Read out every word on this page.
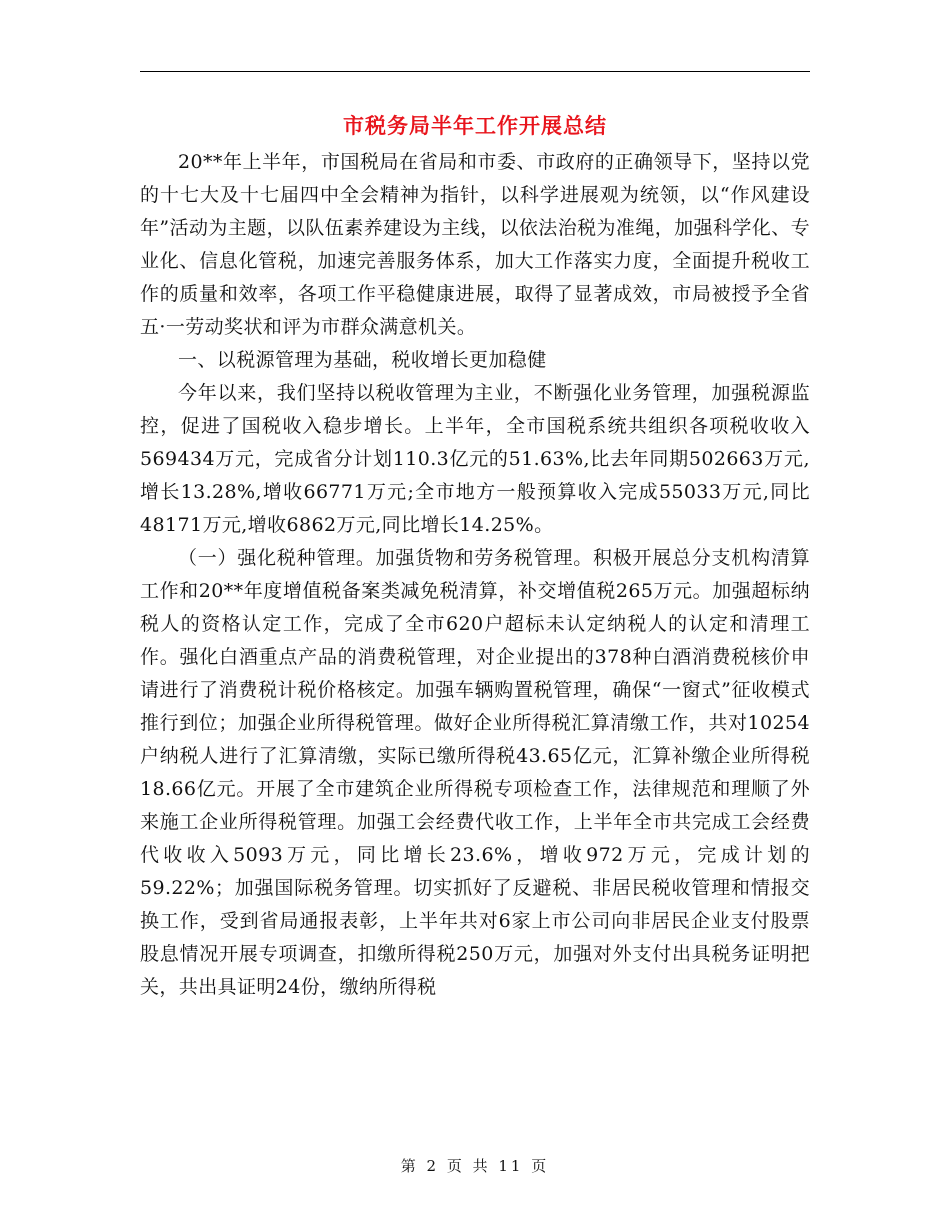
市税务局半年工作开展总结

20**年上半年，市国税局在省局和市委、市政府的正确领导下，坚持以党的十七大及十七届四中全会精神为指针，以科学进展观为统领，以“作风建设年”活动为主题，以队伍素养建设为主线，以依法治税为准绳，加强科学化、专业化、信息化管税，加速完善服务体系，加大工作落实力度，全面提升税收工作的质量和效率，各项工作平稳健康进展，取得了显著成效，市局被授予全省五·一劳动奖状和评为市群众满意机关。

一、以税源管理为基础，税收增长更加稳健

今年以来，我们坚持以税收管理为主业，不断强化业务管理，加强税源监控，促进了国税收入稳步增长。上半年，全市国税系统共组织各项税收收入569434万元，完成省分计划110.3亿元的51.63%,比去年同期502663万元,增长13.28%,增收66771万元;全市地方一般预算收入完成55033万元,同比48171万元,增收6862万元,同比增长14.25%。

（一）强化税种管理。加强货物和劳务税管理。积极开展总分支机构清算工作和20**年度增值税备案类减免税清算，补交增值税265万元。加强超标纳税人的资格认定工作，完成了全市620户超标未认定纳税人的认定和清理工作。强化白酒重点产品的消费税管理，对企业提出的378种白酒消费税核价申请进行了消费税计税价格核定。加强车辆购置税管理，确保“一窗式”征收模式推行到位；加强企业所得税管理。做好企业所得税汇算清缴工作，共对10254户纳税人进行了汇算清缴，实际已缴所得税43.65亿元，汇算补缴企业所得税18.66亿元。开展了全市建筑企业所得税专项检查工作，法律规范和理顺了外来施工企业所得税管理。加强工会经费代收工作，上半年全市共完成工会经费代收收入5093万元，同比增长23.6%，增收972万元，完成计划的59.22%；加强国际税务管理。切实抓好了反避税、非居民税收管理和情报交换工作，受到省局通报表彰，上半年共对6家上市公司向非居民企业支付股票股息情况开展专项调查，扣缴所得税250万元，加强对外支付出具税务证明把关，共出具证明24份，缴纳所得税

第 2 页 共 11 页
